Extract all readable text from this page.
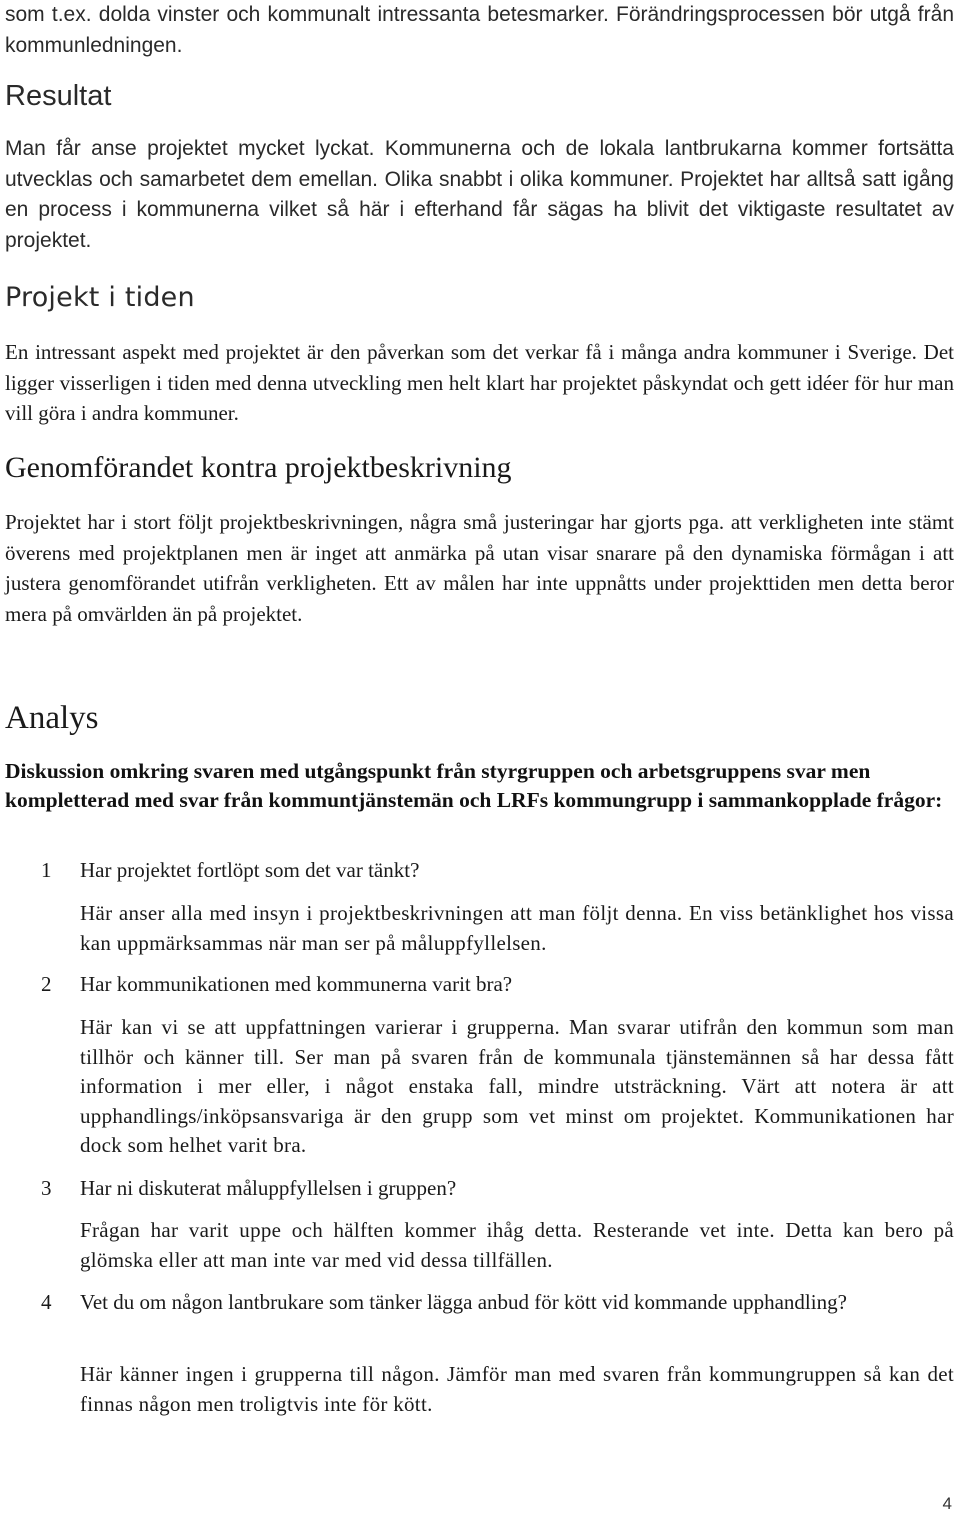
som t.ex. dolda vinster och kommunalt intressanta betesmarker. Förändringsprocessen bör utgå från kommunledningen.

Resultat

Man får anse projektet mycket lyckat. Kommunerna och de lokala lantbrukarna kommer fortsätta utvecklas och samarbetet dem emellan. Olika snabbt i olika kommuner. Projektet har alltså satt igång en process i kommunerna vilket så här i efterhand får sägas ha blivit det viktigaste resultatet av projektet.

Projekt i tiden

En intressant aspekt med projektet är den påverkan som det verkar få i många andra kommuner i Sverige. Det ligger visserligen i tiden med denna utveckling men helt klart har projektet påskyndat och gett idéer för hur man vill göra i andra kommuner.

Genomförandet kontra projektbeskrivning

Projektet har i stort följt projektbeskrivningen, några små justeringar har gjorts pga. att verkligheten inte stämt överens med projektplanen men är inget att anmärka på utan visar snarare på den dynamiska förmågan i att justera genomförandet utifrån verkligheten. Ett av målen har inte uppnåtts under projekttiden men detta beror mera på omvärlden än på projektet.

Analys

Diskussion omkring svaren med utgångspunkt från styrgruppen och arbetsgruppens svar men kompletterad med svar från kommuntjänstemän och LRFs kommungrupp i sammankopplade frågor:

1	Har projektet fortlöpt som det var tänkt?

Här anser alla med insyn i projektbeskrivningen att man följt denna. En viss betänklighet hos vissa kan uppmärksammas när man ser på måluppfyllelsen.

2	Har kommunikationen med kommunerna varit bra?

Här kan vi se att uppfattningen varierar i grupperna. Man svarar utifrån den kommun som man tillhör och känner till. Ser man på svaren från de kommunala tjänstemännen så har dessa fått information i mer eller, i något enstaka fall, mindre utsträckning. Värt att notera är att upphandlings/inköpsansvariga är den grupp som vet minst om projektet. Kommunikationen har dock som helhet varit bra.

3	Har ni diskuterat måluppfyllelsen i gruppen?

Frågan har varit uppe och hälften kommer ihåg detta. Resterande vet inte. Detta kan bero på glömska eller att man inte var med vid dessa tillfällen.

4	Vet du om någon lantbrukare som tänker lägga anbud för kött vid kommande upphandling?

Här känner ingen i grupperna till någon. Jämför man med svaren från kommungruppen så kan det finnas någon men troligtvis inte för kött.

4
